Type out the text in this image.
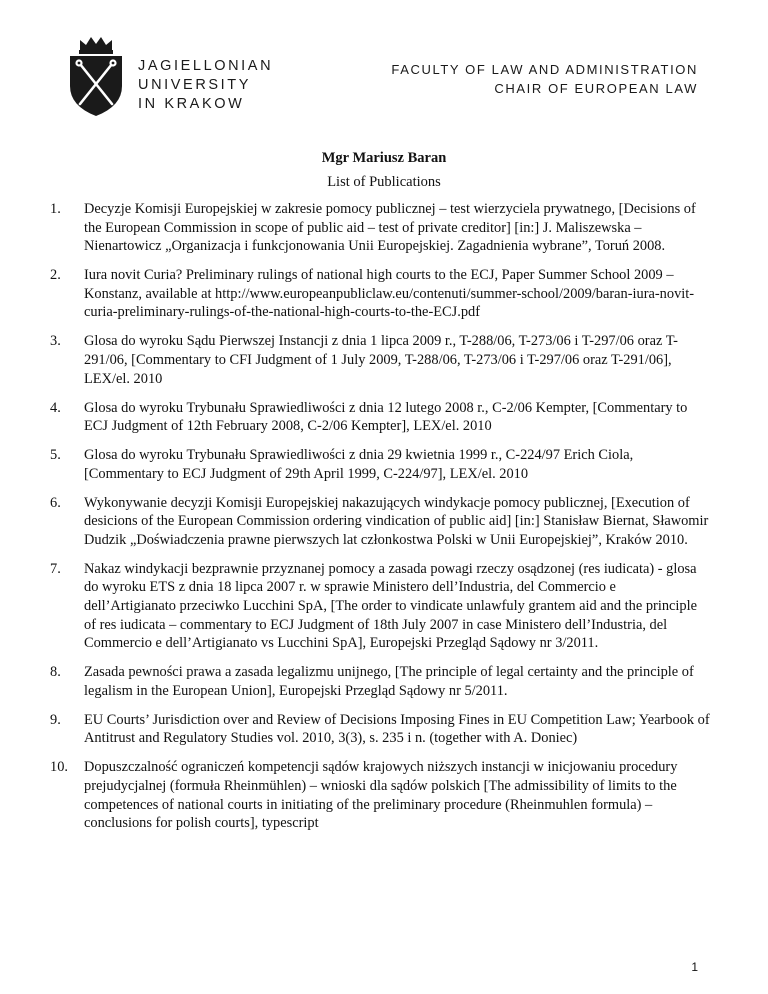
JAGIELLONIAN
UNIVERSITY
IN KRAKOW
FACULTY OF LAW AND ADMINISTRATION
CHAIR OF EUROPEAN LAW
Mgr Mariusz Baran
List of Publications
1. Decyzje Komisji Europejskiej w zakresie pomocy publicznej – test wierzyciela prywatnego, [Decisions of the European Commission in scope of public aid – test of private creditor] [in:] J. Maliszewska – Nienartowicz „Organizacja i funkcjonowania Unii Europejskiej. Zagadnienia wybrane”, Toruń 2008.
2. Iura novit Curia? Preliminary rulings of national high courts to the ECJ, Paper Summer School 2009 – Konstanz, available at http://www.europeanpubliclaw.eu/contenuti/summer-school/2009/baran-iura-novit-curia-preliminary-rulings-of-the-national-high-courts-to-the-ECJ.pdf
3. Glosa do wyroku Sądu Pierwszej Instancji z dnia 1 lipca 2009 r., T-288/06, T-273/06 i T-297/06 oraz T-291/06, [Commentary to CFI Judgment of 1 July 2009, T-288/06, T-273/06 i T-297/06 oraz T-291/06], LEX/el. 2010
4. Glosa do wyroku Trybunału Sprawiedliwości z dnia 12 lutego 2008 r., C-2/06 Kempter, [Commentary to ECJ Judgment of 12th February 2008, C-2/06 Kempter], LEX/el. 2010
5. Glosa do wyroku Trybunału Sprawiedliwości z dnia 29 kwietnia 1999 r., C-224/97 Erich Ciola, [Commentary to ECJ Judgment of 29th April 1999, C-224/97], LEX/el. 2010
6. Wykonywanie decyzji Komisji Europejskiej nakazujących windykacje pomocy publicznej, [Execution of desicions of the European Commission ordering vindication of public aid] [in:] Stanisław Biernat, Sławomir Dudzik „Doświadczenia prawne pierwszych lat członkostwa Polski w Unii Europejskiej”, Kraków 2010.
7. Nakaz windykacji bezprawnie przyznanej pomocy a zasada powagi rzeczy osądzonej (res iudicata) - glosa do wyroku ETS z dnia 18 lipca 2007 r. w sprawie Ministero dell’Industria, del Commercio e dell’Artigianato przeciwko Lucchini SpA, [The order to vindicate unlawfuly grantem aid and the principle of res iudicata – commentary to ECJ Judgment of 18th July 2007 in case Ministero dell’Industria, del Commercio e dell’Artigianato vs Lucchini SpA], Europejski Przegląd Sądowy nr 3/2011.
8. Zasada pewności prawa a zasada legalizmu unijnego, [The principle of legal certainty and the principle of legalism in the European Union], Europejski Przegląd Sądowy nr 5/2011.
9. EU Courts’ Jurisdiction over and Review of Decisions Imposing Fines in EU Competition Law; Yearbook of Antitrust and Regulatory Studies vol. 2010, 3(3), s. 235 i n. (together with A. Doniec)
10. Dopuszczalność ograniczeń kompetencji sądów krajowych niższych instancji w inicjowaniu procedury prejudycjalnej (formuła Rheinmühlen) – wnioski dla sądów polskich [The admissibility of limits to the competences of national courts in initiating of the preliminary procedure (Rheinmuhlen formula) – conclusions for polish courts], typescript
1
